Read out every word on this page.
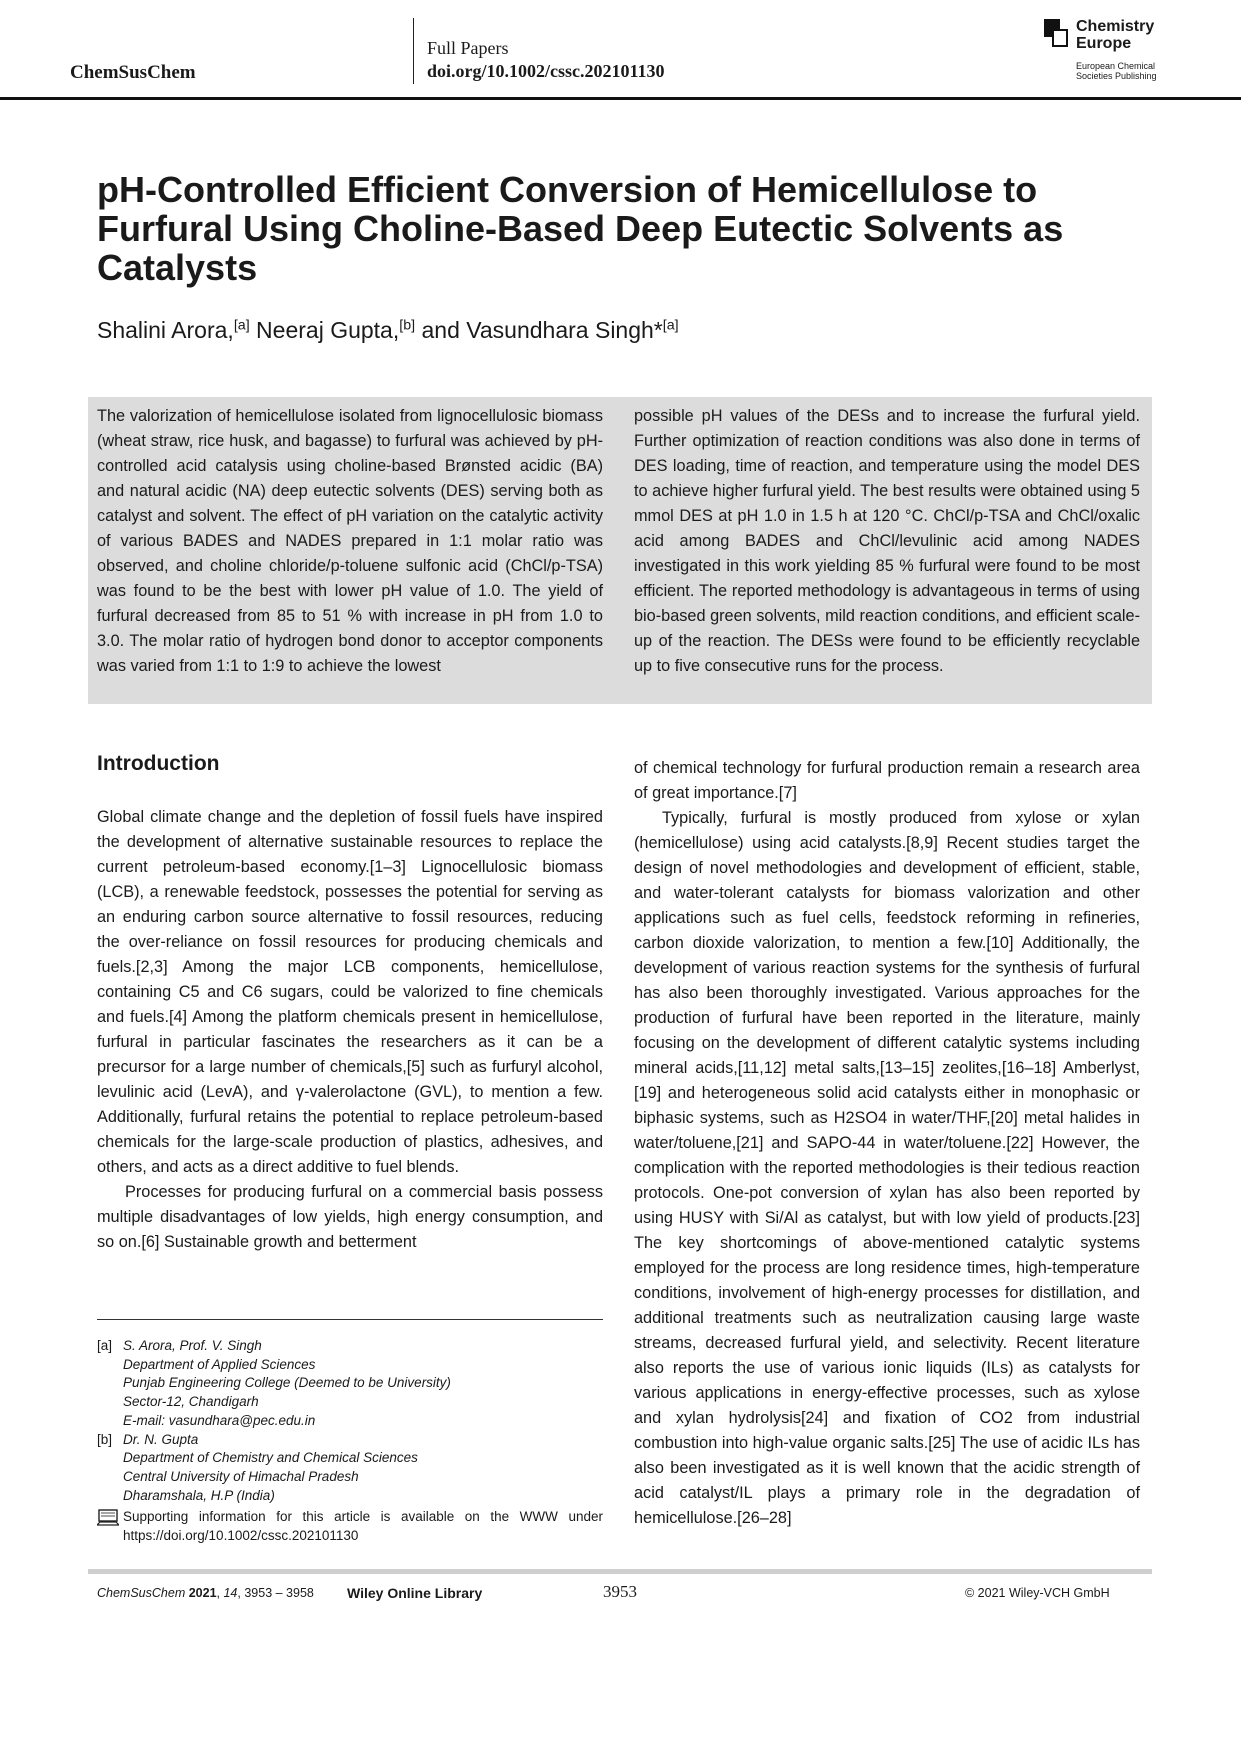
ChemSusChem
Full Papers
doi.org/10.1002/cssc.202101130
Chemistry
Europe
European Chemical
Societies Publishing
pH-Controlled Efficient Conversion of Hemicellulose to
Furfural Using Choline-Based Deep Eutectic Solvents as
Catalysts
Shalini Arora,[a] Neeraj Gupta,[b] and Vasundhara Singh*[a]

The valorization of hemicellulose isolated from lignocellulosic biomass (wheat straw, rice husk, and bagasse) to furfural was achieved by pH-controlled acid catalysis using choline-based Brønsted acidic (BA) and natural acidic (NA) deep eutectic solvents (DES) serving both as catalyst and solvent. The effect of pH variation on the catalytic activity of various BADES and NADES prepared in 1:1 molar ratio was observed, and choline chloride/p-toluene sulfonic acid (ChCl/p-TSA) was found to be the best with lower pH value of 1.0. The yield of furfural decreased from 85 to 51 % with increase in pH from 1.0 to 3.0. The molar ratio of hydrogen bond donor to acceptor components was varied from 1:1 to 1:9 to achieve the lowest

possible pH values of the DESs and to increase the furfural yield. Further optimization of reaction conditions was also done in terms of DES loading, time of reaction, and temperature using the model DES to achieve higher furfural yield. The best results were obtained using 5 mmol DES at pH 1.0 in 1.5 h at 120 °C. ChCl/p-TSA and ChCl/oxalic acid among BADES and ChCl/levulinic acid among NADES investigated in this work yielding 85 % furfural were found to be most efficient. The reported methodology is advantageous in terms of using bio-based green solvents, mild reaction conditions, and efficient scale-up of the reaction. The DESs were found to be efficiently recyclable up to five consecutive runs for the process.

Introduction

Global climate change and the depletion of fossil fuels have inspired the development of alternative sustainable resources to replace the current petroleum-based economy.[1–3] Lignocellulosic biomass (LCB), a renewable feedstock, possesses the potential for serving as an enduring carbon source alternative to fossil resources, reducing the over-reliance on fossil resources for producing chemicals and fuels.[2,3] Among the major LCB components, hemicellulose, containing C5 and C6 sugars, could be valorized to fine chemicals and fuels.[4] Among the platform chemicals present in hemicellulose, furfural in particular fascinates the researchers as it can be a precursor for a large number of chemicals,[5] such as furfuryl alcohol, levulinic acid (LevA), and γ-valerolactone (GVL), to mention a few. Additionally, furfural retains the potential to replace petroleum-based chemicals for the large-scale production of plastics, adhesives, and others, and acts as a direct additive to fuel blends.

Processes for producing furfural on a commercial basis possess multiple disadvantages of low yields, high energy consumption, and so on.[6] Sustainable growth and betterment

of chemical technology for furfural production remain a research area of great importance.[7]

Typically, furfural is mostly produced from xylose or xylan (hemicellulose) using acid catalysts.[8,9] Recent studies target the design of novel methodologies and development of efficient, stable, and water-tolerant catalysts for biomass valorization and other applications such as fuel cells, feedstock reforming in refineries, carbon dioxide valorization, to mention a few.[10] Additionally, the development of various reaction systems for the synthesis of furfural has also been thoroughly investigated. Various approaches for the production of furfural have been reported in the literature, mainly focusing on the development of different catalytic systems including mineral acids,[11,12] metal salts,[13–15] zeolites,[16–18] Amberlyst,[19] and heterogeneous solid acid catalysts either in monophasic or biphasic systems, such as H2SO4 in water/THF,[20] metal halides in water/toluene,[21] and SAPO-44 in water/toluene.[22] However, the complication with the reported methodologies is their tedious reaction protocols. One-pot conversion of xylan has also been reported by using HUSY with Si/Al as catalyst, but with low yield of products.[23] The key shortcomings of above-mentioned catalytic systems employed for the process are long residence times, high-temperature conditions, involvement of high-energy processes for distillation, and additional treatments such as neutralization causing large waste streams, decreased furfural yield, and selectivity. Recent literature also reports the use of various ionic liquids (ILs) as catalysts for various applications in energy-effective processes, such as xylose and xylan hydrolysis[24] and fixation of CO2 from industrial combustion into high-value organic salts.[25] The use of acidic ILs has also been investigated as it is well known that the acidic strength of acid catalyst/IL plays a primary role in the degradation of hemicellulose.[26–28]

[a] S. Arora, Prof. V. Singh
Department of Applied Sciences
Punjab Engineering College (Deemed to be University)
Sector-12, Chandigarh
E-mail: vasundhara@pec.edu.in
[b] Dr. N. Gupta
Department of Chemistry and Chemical Sciences
Central University of Himachal Pradesh
Dharamshala, H.P (India)
Supporting information for this article is available on the WWW under https://doi.org/10.1002/cssc.202101130
ChemSusChem 2021, 14, 3953 – 3958 Wiley Online Library	3953	© 2021 Wiley-VCH GmbH
